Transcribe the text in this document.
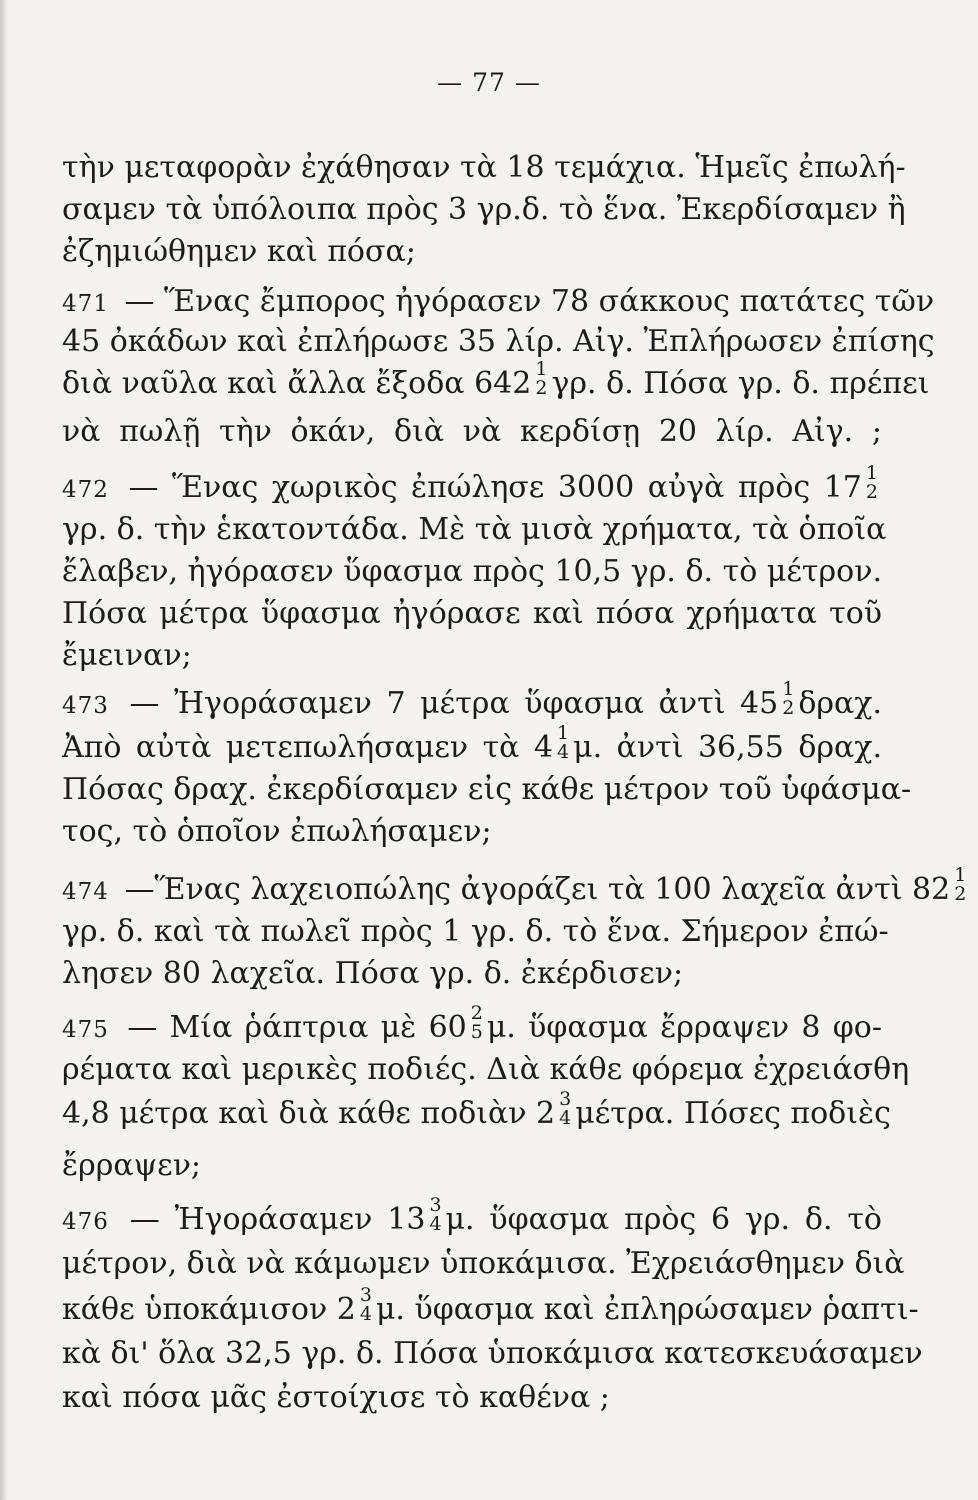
— 77 —
τὴν μεταφορὰν ἐχάθησαν τὰ 18 τεμάχια. Ἡμεῖς ἐπωλή-
σαμεν τὰ ὑπόλοιπα πρὸς 3 γρ.δ. τὸ ἕνα. Ἐκερδίσαμεν ἢ
ἐζημιώθημεν καὶ πόσα;
471 — Ἕνας ἔμπορος ἠγόρασεν 78 σάκκους πατάτες τῶν
45 ὀκάδων καὶ ἐπλήρωσε 35 λίρ. Αἰγ. Ἐπλήρωσεν ἐπίσης
διὰ ναῦλα καὶ ἄλλα ἔξοδα 642 1
2 γρ. δ. Πόσα γρ. δ. πρέπει
νὰ πωλῇ τὴν ὀκάν, διὰ νὰ κερδίσῃ 20 λίρ. Αἰγ. ;
472 — Ἕνας χωρικὸς ἐπώλησε 3000 αὐγὰ πρὸς 17 1
2
γρ. δ. τὴν ἑκατοντάδα. Μὲ τὰ μισὰ χρήματα, τὰ ὁποῖα
ἔλαβεν, ἠγόρασεν ὕφασμα πρὸς 10,5 γρ. δ. τὸ μέτρον.
Πόσα μέτρα ὕφασμα ἠγόρασε καὶ πόσα χρήματα τοῦ
ἔμειναν;
473 — Ἠγοράσαμεν 7 μέτρα ὕφασμα ἀντὶ 45 1
2 δραχ.
Ἀπὸ αὐτὰ μετεπωλήσαμεν τὰ 4 1
4 μ. ἀντὶ 36,55 δραχ.
Πόσας δραχ. ἐκερδίσαμεν εἰς κάθε μέτρον τοῦ ὑφάσμα-
τος, τὸ ὁποῖον ἐπωλήσαμεν;
474 —Ἕνας λαχειοπώλης ἀγοράζει τὰ 100 λαχεῖα ἀντὶ 82 1
2
γρ. δ. καὶ τὰ πωλεῖ πρὸς 1 γρ. δ. τὸ ἕνα. Σήμερον ἐπώ-
λησεν 80 λαχεῖα. Πόσα γρ. δ. ἐκέρδισεν;
475 — Μία ῥάπτρια μὲ 60 2
5 μ. ὕφασμα ἔρραψεν 8 φο-
ρέματα καὶ μερικὲς ποδιές. Διὰ κάθε φόρεμα ἐχρειάσθη
4,8 μέτρα καὶ διὰ κάθε ποδιὰν 2 3
4 μέτρα. Πόσες ποδιὲς
ἔρραψεν;
476 — Ἠγοράσαμεν 13 3
4 μ. ὕφασμα πρὸς 6 γρ. δ. τὸ
μέτρον, διὰ νὰ κάμωμεν ὑποκάμισα. Ἐχρειάσθημεν διὰ
κάθε ὑποκάμισον 2 3
4 μ. ὕφασμα καὶ ἐπληρώσαμεν ῥαπτι-
κὰ δι' ὅλα 32,5 γρ. δ. Πόσα ὑποκάμισα κατεσκευάσαμεν
καὶ πόσα μᾶς ἐστοίχισε τὸ καθένα ;
